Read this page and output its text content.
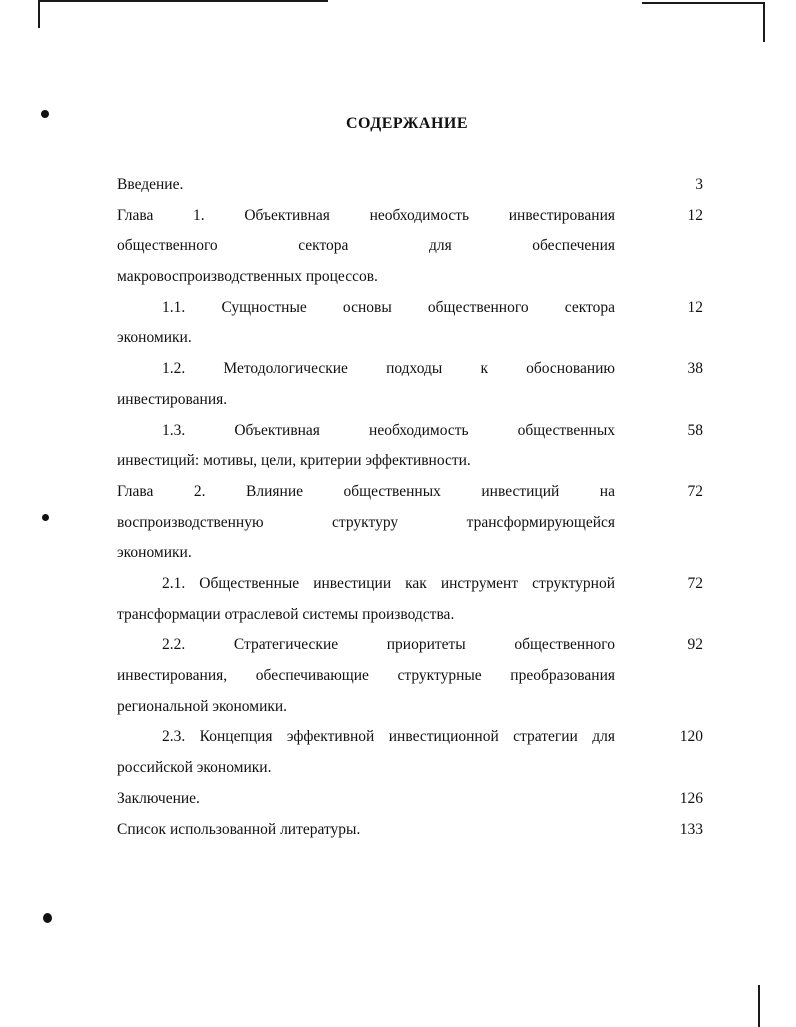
СОДЕРЖАНИЕ
Введение.	3
Глава 1. Объективная необходимость инвестирования	12
общественного сектора для обеспечения
макровоспроизводственных процессов.
1.1. Сущностные основы общественного сектора	12
экономики.
1.2. Методологические подходы к обоснованию	38
инвестирования.
1.3. Объективная необходимость общественных	58
инвестиций: мотивы, цели, критерии эффективности.
Глава 2. Влияние общественных инвестиций на	72
воспроизводственную структуру трансформирующейся
экономики.
2.1. Общественные инвестиции как инструмент структурной	72
трансформации отраслевой системы производства.
2.2. Стратегические приоритеты общественного	92
инвестирования, обеспечивающие структурные преобразования
региональной экономики.
2.3. Концепция эффективной инвестиционной стратегии для	120
российской экономики.
Заключение.	126
Список использованной литературы.	133
